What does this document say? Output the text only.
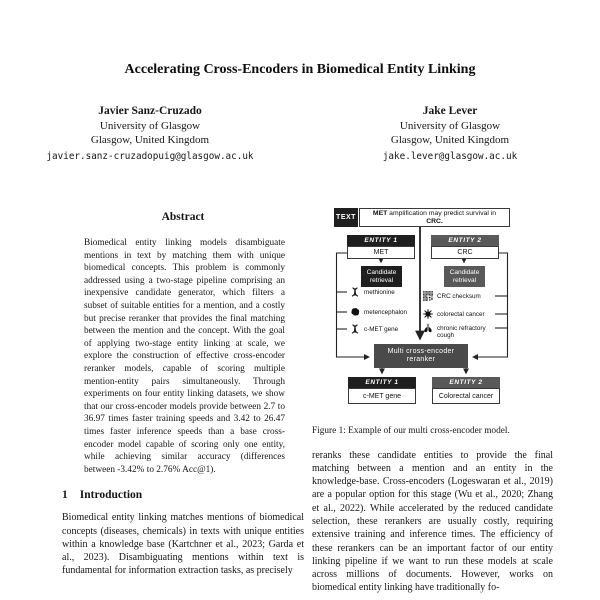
Accelerating Cross-Encoders in Biomedical Entity Linking
Javier Sanz-Cruzado
University of Glasgow
Glasgow, United Kingdom
javier.sanz-cruzadopuig@glasgow.ac.uk
Jake Lever
University of Glasgow
Glasgow, United Kingdom
jake.lever@glasgow.ac.uk
Abstract

Biomedical entity linking models disambiguate mentions in text by matching them with unique biomedical concepts. This problem is commonly addressed using a two-stage pipeline comprising an inexpensive candidate generator, which filters a subset of suitable entities for a mention, and a costly but precise reranker that provides the final matching between the mention and the concept. With the goal of applying two-stage entity linking at scale, we explore the construction of effective cross-encoder reranker models, capable of scoring multiple mention-entity pairs simultaneously. Through experiments on four entity linking datasets, we show that our cross-encoder models provide between 2.7 to 36.97 times faster training speeds and 3.42 to 26.47 times faster inference speeds than a base cross-encoder model capable of scoring only one entity, while achieving similar accuracy (differences between -3.42% to 2.76% Acc@1).

1 Introduction

Biomedical entity linking matches mentions of biomedical concepts (diseases, chemicals) in texts with unique entities within a knowledge base (Kartchner et al., 2023; Garda et al., 2023). Disambiguating mentions within text is fundamental for information extraction tasks, as precisely

TEXT
MET amplification may predict survival in CRC.
ENTITY 1
MET
ENTITY 2
CRC
Candidate retrieval
Candidate retrieval
methionine
metencephalon
c-MET gene
CRC checksum
colorectal cancer
chronic refractory cough
Multi cross-encoder reranker
ENTITY 1
c-MET gene
ENTITY 2
Colorectal cancer

Figure 1: Example of our multi cross-encoder model.

reranks these candidate entities to provide the final matching between a mention and an entity in the knowledge-base. Cross-encoders (Logeswaran et al., 2019) are a popular option for this stage (Wu et al., 2020; Zhang et al., 2022). While accelerated by the reduced candidate selection, these rerankers are usually costly, requiring extensive training and inference times. The efficiency of these rerankers can be an important factor of our entity linking pipeline if we want to run these models at scale across millions of documents. However, works on biomedical entity linking have traditionally fo-
